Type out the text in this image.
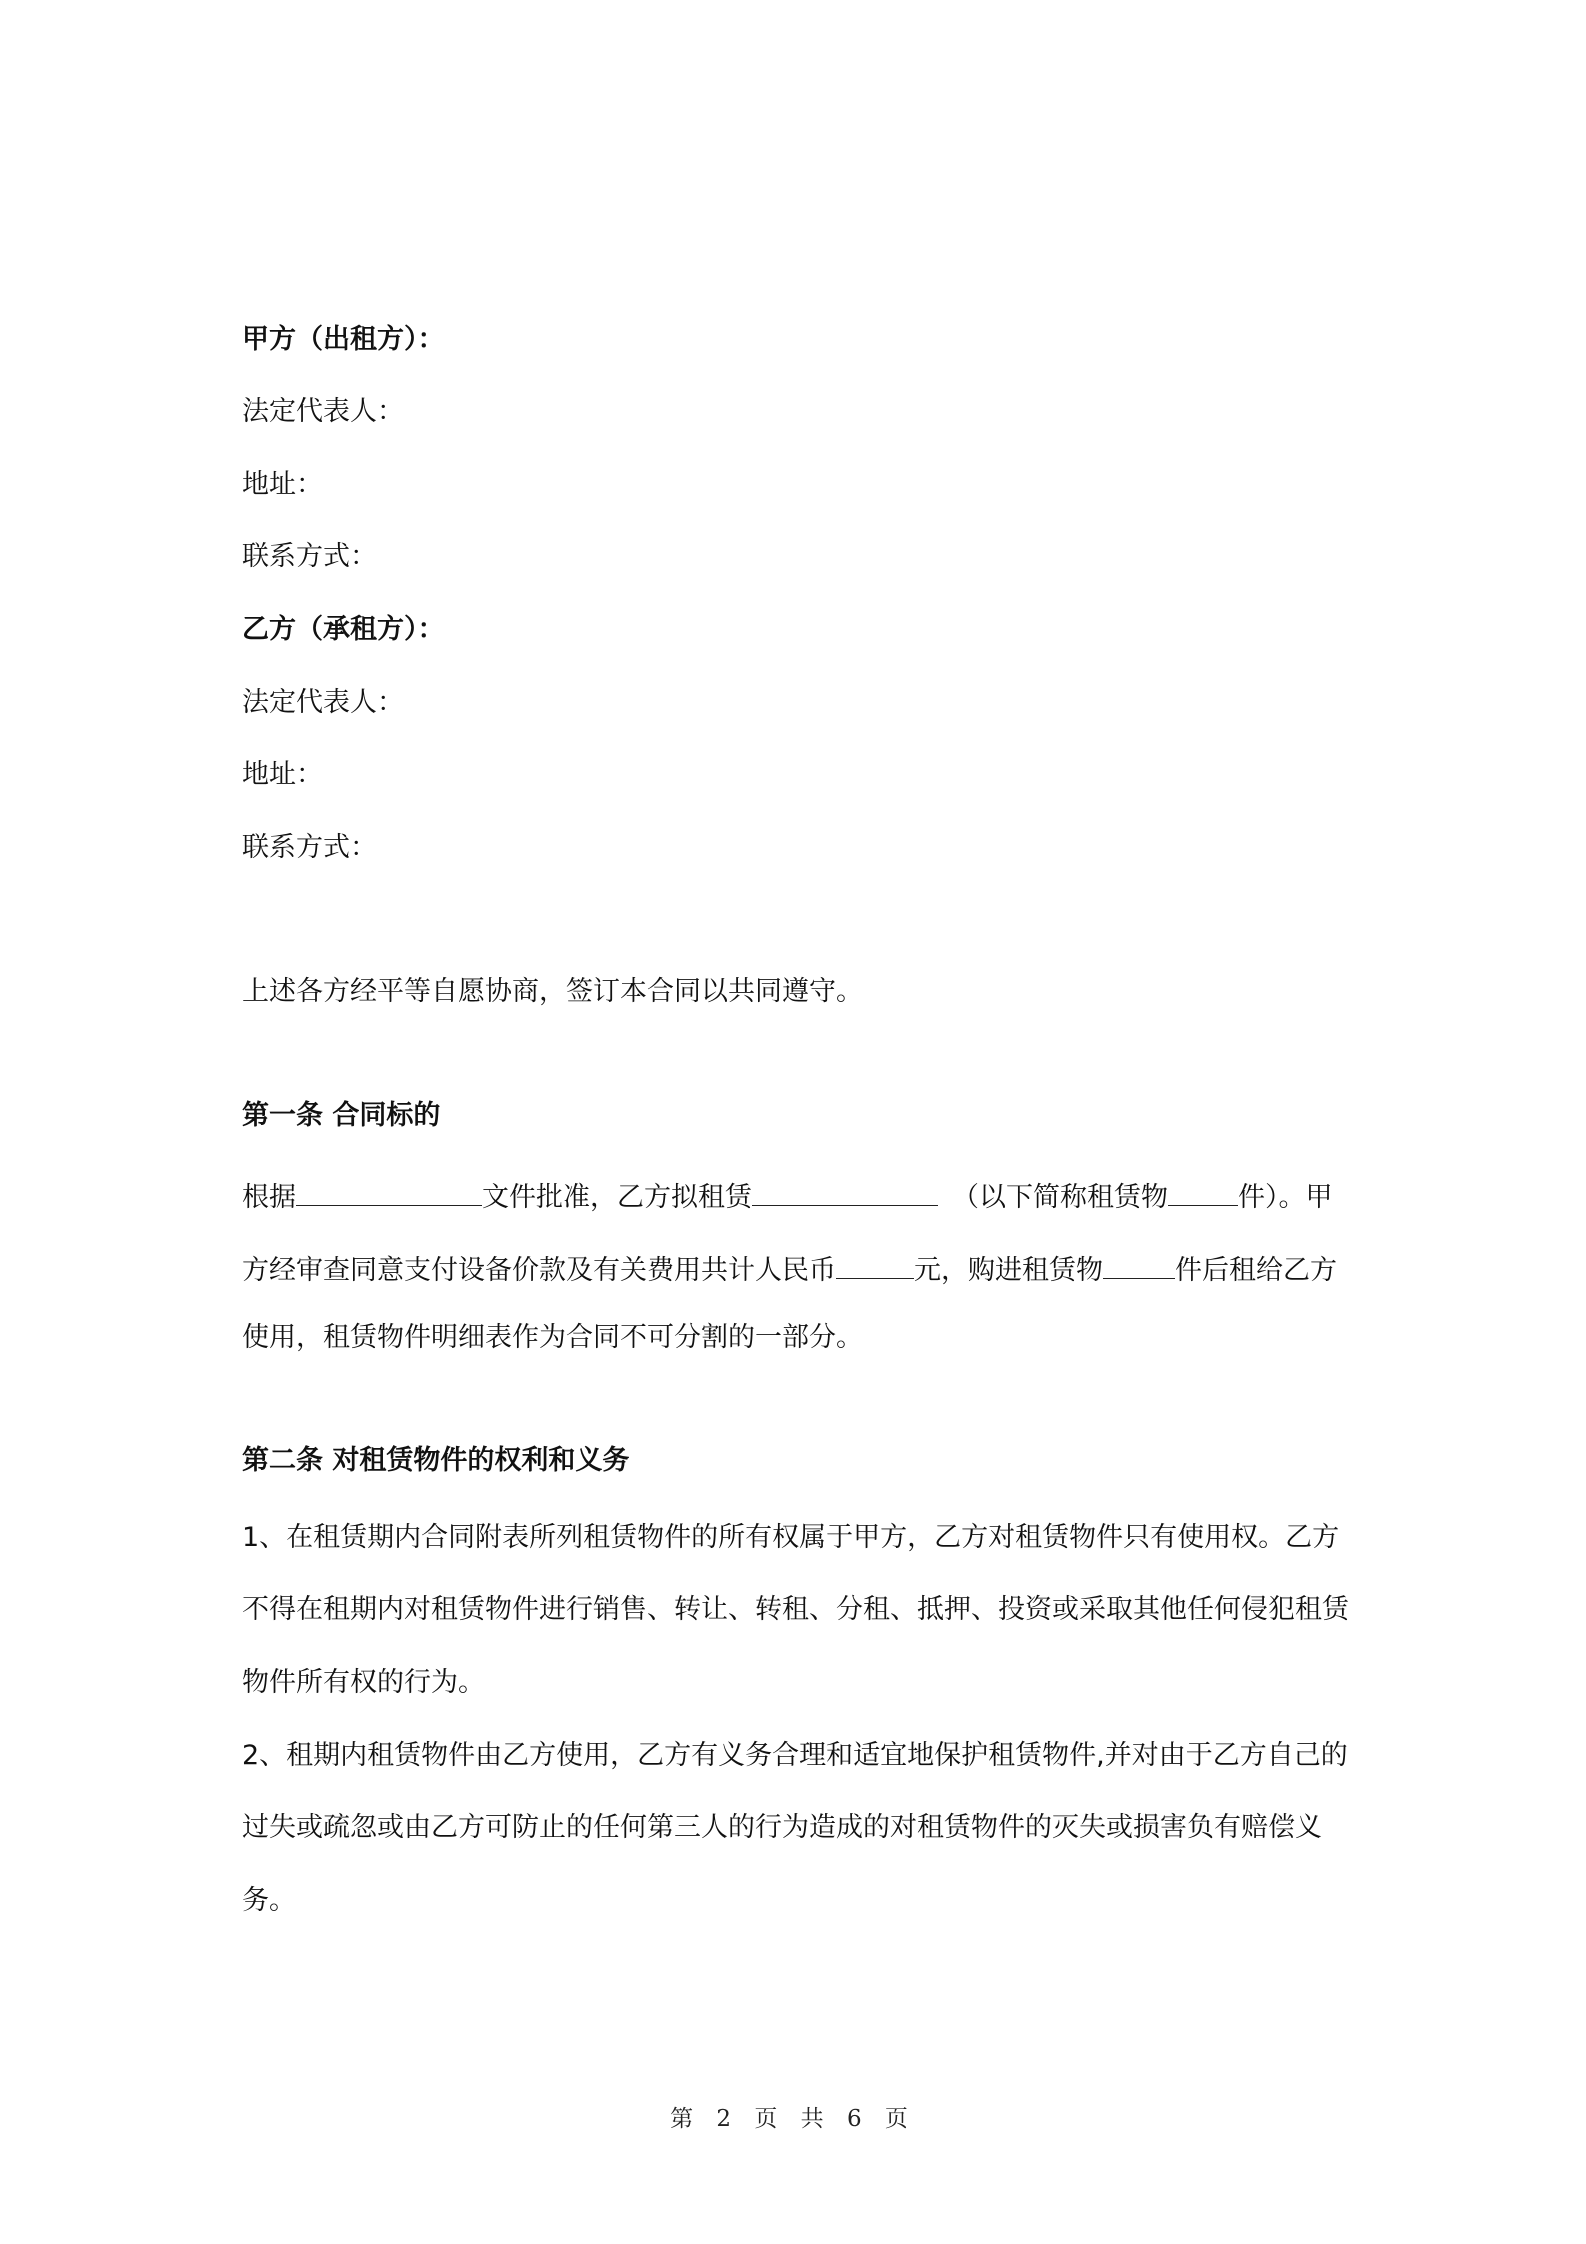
甲方（出租方）：
法定代表人：
地址：
联系方式：
乙方（承租方）：
法定代表人：
地址：
联系方式：
上述各方经平等自愿协商，签订本合同以共同遵守。
第一条 合同标的
根据	文件批准，乙方拟租赁	（以下简称租赁物	件）。甲
方经审查同意支付设备价款及有关费用共计人民币	元，购进租赁物	件后租给乙方
使用，租赁物件明细表作为合同不可分割的一部分。
第二条 对租赁物件的权利和义务
1、在租赁期内合同附表所列租赁物件的所有权属于甲方，乙方对租赁物件只有使用权。乙方
不得在租期内对租赁物件进行销售、转让、转租、分租、抵押、投资或采取其他任何侵犯租赁
物件所有权的行为。
2、租期内租赁物件由乙方使用，乙方有义务合理和适宜地保护租赁物件,并对由于乙方自己的
过失或疏忽或由乙方可防止的任何第三人的行为造成的对租赁物件的灭失或损害负有赔偿义
务。
第 2 页 共 6 页
